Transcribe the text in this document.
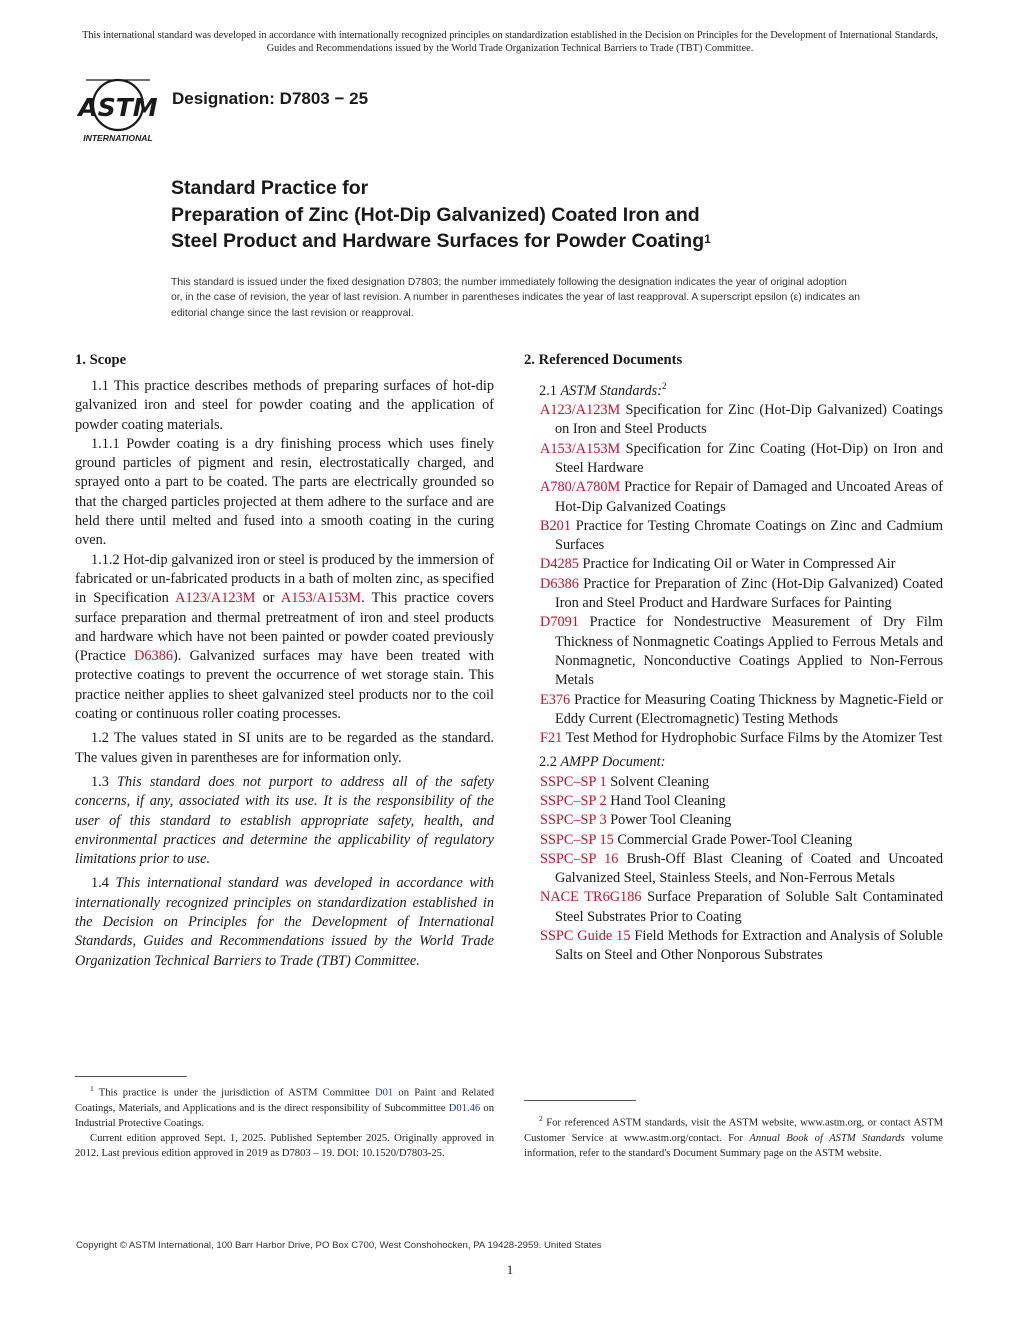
This international standard was developed in accordance with internationally recognized principles on standardization established in the Decision on Principles for the Development of International Standards, Guides and Recommendations issued by the World Trade Organization Technical Barriers to Trade (TBT) Committee.
ASTM
INTERNATIONAL
Designation: D7803 − 25
Standard Practice for
Preparation of Zinc (Hot-Dip Galvanized) Coated Iron and
Steel Product and Hardware Surfaces for Powder Coating$^1$
This standard is issued under the fixed designation D7803; the number immediately following the designation indicates the year of original adoption or, in the case of revision, the year of last revision. A number in parentheses indicates the year of last reapproval. A superscript epsilon (ε) indicates an editorial change since the last revision or reapproval.
1. Scope

1.1 This practice describes methods of preparing surfaces of hot-dip galvanized iron and steel for powder coating and the application of powder coating materials.

1.1.1 Powder coating is a dry finishing process which uses finely ground particles of pigment and resin, electrostatically charged, and sprayed onto a part to be coated. The parts are electrically grounded so that the charged particles projected at them adhere to the surface and are held there until melted and fused into a smooth coating in the curing oven.

1.1.2 Hot-dip galvanized iron or steel is produced by the immersion of fabricated or un-fabricated products in a bath of molten zinc, as specified in Specification A123/A123M or A153/A153M. This practice covers surface preparation and thermal pretreatment of iron and steel products and hardware which have not been painted or powder coated previously (Practice D6386). Galvanized surfaces may have been treated with protective coatings to prevent the occurrence of wet storage stain. This practice neither applies to sheet galvanized steel products nor to the coil coating or continuous roller coating processes.

1.2 The values stated in SI units are to be regarded as the standard. The values given in parentheses are for information only.

1.3 This standard does not purport to address all of the safety concerns, if any, associated with its use. It is the responsibility of the user of this standard to establish appropriate safety, health, and environmental practices and determine the applicability of regulatory limitations prior to use.

1.4 This international standard was developed in accordance with internationally recognized principles on standardization established in the Decision on Principles for the Development of International Standards, Guides and Recommendations issued by the World Trade Organization Technical Barriers to Trade (TBT) Committee.

2. Referenced Documents

2.1 ASTM Standards:$^2$

A123/A123M Specification for Zinc (Hot-Dip Galvanized) Coatings on Iron and Steel Products

A153/A153M Specification for Zinc Coating (Hot-Dip) on Iron and Steel Hardware

A780/A780M Practice for Repair of Damaged and Uncoated Areas of Hot-Dip Galvanized Coatings

B201 Practice for Testing Chromate Coatings on Zinc and Cadmium Surfaces

D4285 Practice for Indicating Oil or Water in Compressed Air

D6386 Practice for Preparation of Zinc (Hot-Dip Galvanized) Coated Iron and Steel Product and Hardware Surfaces for Painting

D7091 Practice for Nondestructive Measurement of Dry Film Thickness of Nonmagnetic Coatings Applied to Ferrous Metals and Nonmagnetic, Nonconductive Coatings Applied to Non-Ferrous Metals

E376 Practice for Measuring Coating Thickness by Magnetic-Field or Eddy Current (Electromagnetic) Testing Methods

F21 Test Method for Hydrophobic Surface Films by the Atomizer Test

2.2 AMPP Document:

SSPC–SP 1 Solvent Cleaning

SSPC–SP 2 Hand Tool Cleaning

SSPC–SP 3 Power Tool Cleaning

SSPC–SP 15 Commercial Grade Power-Tool Cleaning

SSPC–SP 16 Brush-Off Blast Cleaning of Coated and Uncoated Galvanized Steel, Stainless Steels, and Non-Ferrous Metals

NACE TR6G186 Surface Preparation of Soluble Salt Contaminated Steel Substrates Prior to Coating

SSPC Guide 15 Field Methods for Extraction and Analysis of Soluble Salts on Steel and Other Nonporous Substrates

$^1$ This practice is under the jurisdiction of ASTM Committee D01 on Paint and Related Coatings, Materials, and Applications and is the direct responsibility of Subcommittee D01.46 on Industrial Protective Coatings.

Current edition approved Sept. 1, 2025. Published September 2025. Originally approved in 2012. Last previous edition approved in 2019 as D7803 – 19. DOI: 10.1520/D7803-25.

$^2$ For referenced ASTM standards, visit the ASTM website, www.astm.org, or contact ASTM Customer Service at www.astm.org/contact. For Annual Book of ASTM Standards volume information, refer to the standard's Document Summary page on the ASTM website.

Copyright © ASTM International, 100 Barr Harbor Drive, PO Box C700, West Conshohocken, PA 19428-2959. United States
1
